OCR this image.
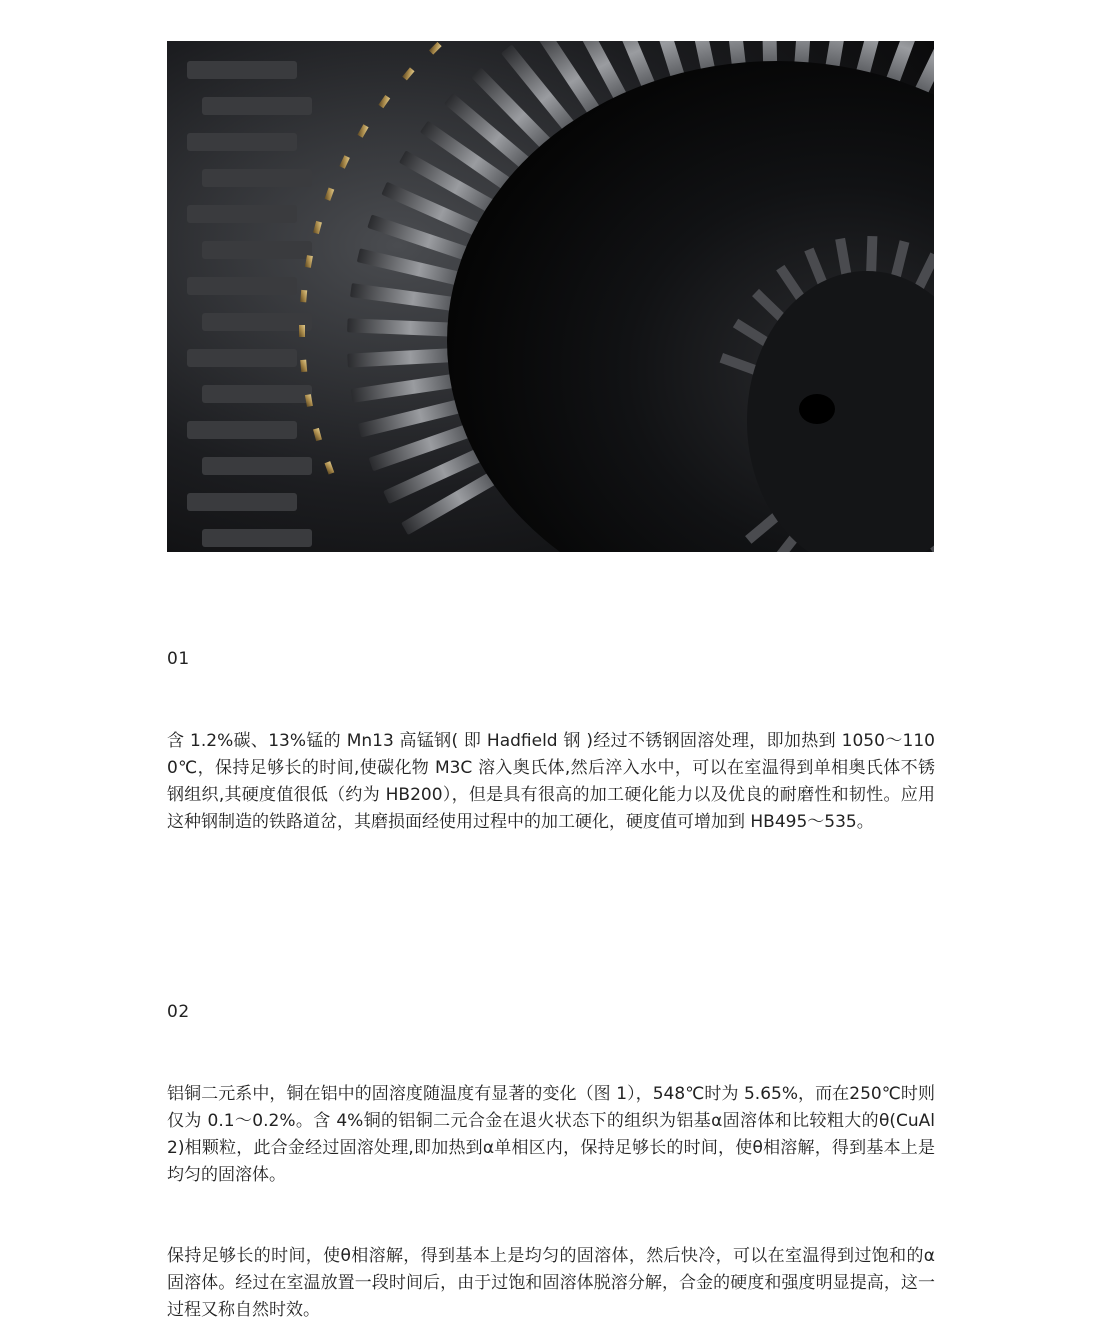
01
含 1.2%碳、13%锰的 Mn13 高锰钢( 即 Hadfield 钢 )经过不锈钢固溶处理，即加热到 1050～1100℃，保持足够长的时间,使碳化物 M3C 溶入奥氏体,然后淬入水中，可以在室温得到单相奥氏体不锈钢组织,其硬度值很低（约为 HB200），但是具有很高的加工硬化能力以及优良的耐磨性和韧性。应用这种钢制造的铁路道岔，其磨损面经使用过程中的加工硬化，硬度值可增加到 HB495～535。
02
铝铜二元系中，铜在铝中的固溶度随温度有显著的变化（图 1），548℃时为 5.65%，而在250℃时则仅为 0.1～0.2%。含 4%铜的铝铜二元合金在退火状态下的组织为铝基α固溶体和比较粗大的θ(CuAl2)相颗粒，此合金经过固溶处理,即加热到α单相区内，保持足够长的时间，使θ相溶解，得到基本上是均匀的固溶体。
保持足够长的时间，使θ相溶解，得到基本上是均匀的固溶体，然后快冷，可以在室温得到过饱和的α固溶体。经过在室温放置一段时间后，由于过饱和固溶体脱溶分解，合金的硬度和强度明显提高，这一过程又称自然时效。
